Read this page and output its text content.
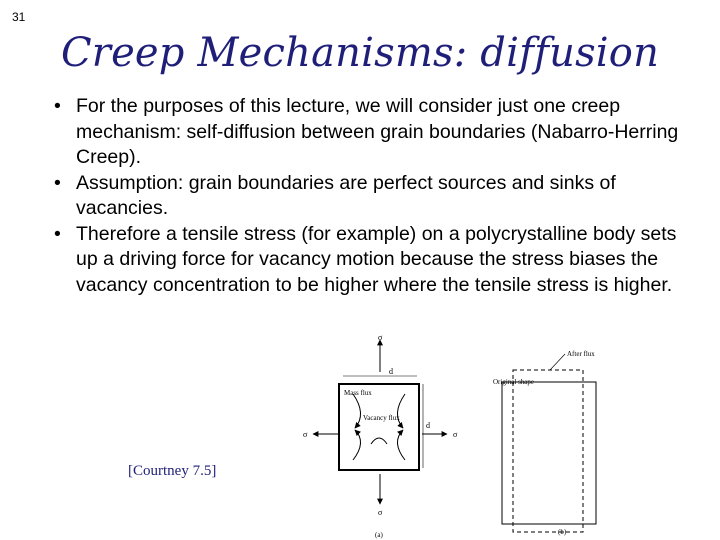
31
Creep Mechanisms: diffusion
• For the purposes of this lecture, we will consider just one creep mechanism: self-diffusion between grain boundaries (Nabarro-Herring Creep).
• Assumption: grain boundaries are perfect sources and sinks of vacancies.
• Therefore a tensile stress (for example) on a polycrystalline body sets up a driving force for vacancy motion because the stress biases the vacancy concentration to be higher where the tensile stress is higher.
[Courtney 7.5]
σ
σ
σ	σ
d
d
Mass flux
Vacancy flux
(a)
After flux
Original shape
(b)
